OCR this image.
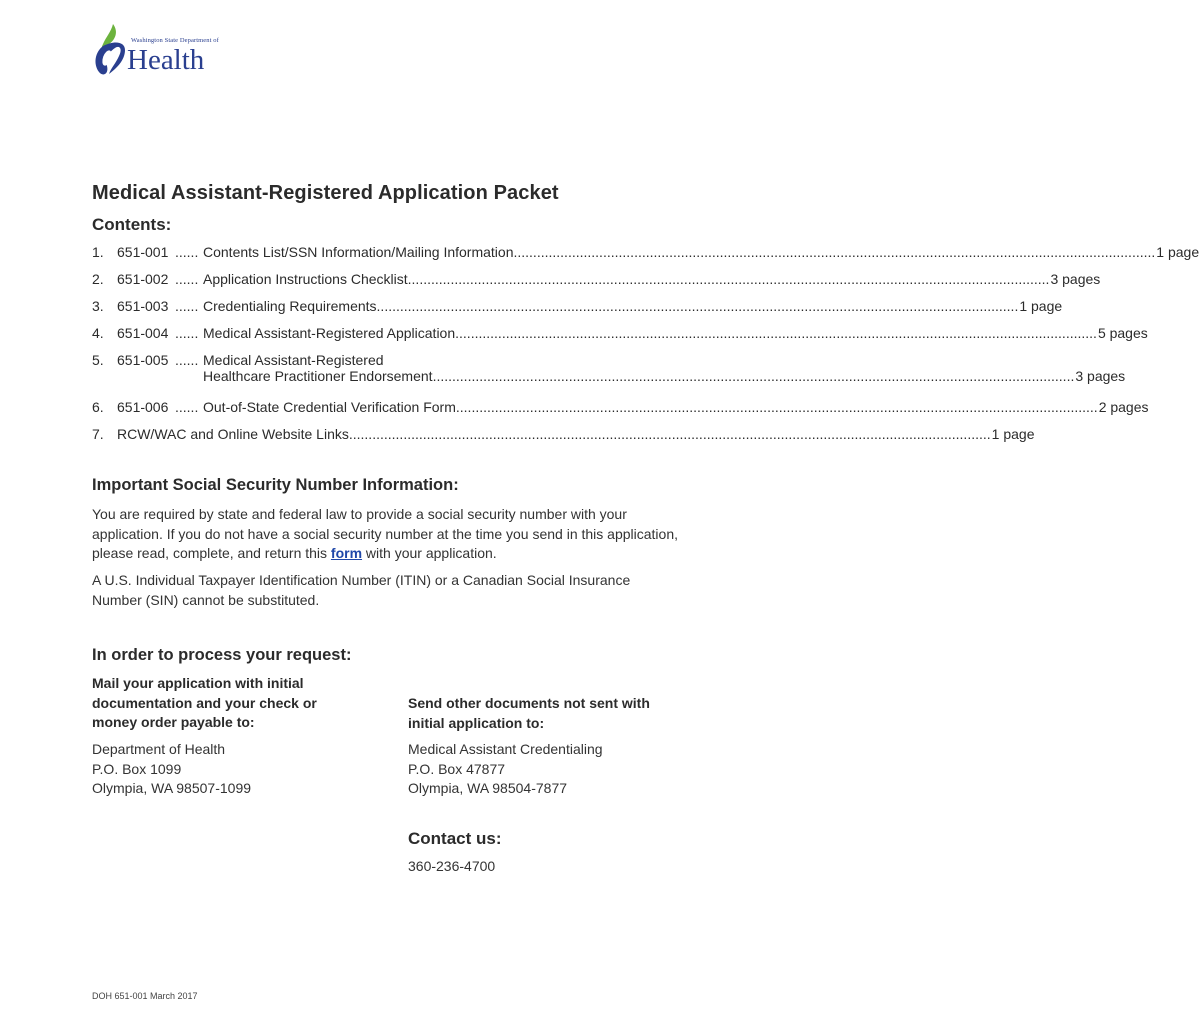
Washington State Department of
Health
Medical Assistant-Registered Application Packet
Contents:
1. 651-001 ...... Contents List/SSN Information/Mailing Information .....	1 page
2. 651-002 ...... Application Instructions Checklist .....	3 pages
3. 651-003 ...... Credentialing Requirements .....	1 page
4. 651-004 ...... Medical Assistant-Registered Application .....	5 pages
5. 651-005 ...... Medical Assistant-Registered
Healthcare Practitioner Endorsement .....	3 pages
6. 651-006 ...... Out-of-State Credential Verification Form .....	2 pages
7. RCW/WAC and Online Website Links .....	1 page
Important Social Security Number Information:
You are required by state and federal law to provide a social security number with your application. If you do not have a social security number at the time you send in this application, please read, complete, and return this form with your application.
A U.S. Individual Taxpayer Identification Number (ITIN) or a Canadian Social Insurance Number (SIN) cannot be substituted.
In order to process your request:
Mail your application with initial documentation and your check or money order payable to:
Send other documents not sent with initial application to:
Department of Health
P.O. Box 1099
Olympia, WA 98507-1099
Medical Assistant Credentialing
P.O. Box 47877
Olympia, WA 98504-7877
Contact us:
360-236-4700
DOH 651-001 March 2017
